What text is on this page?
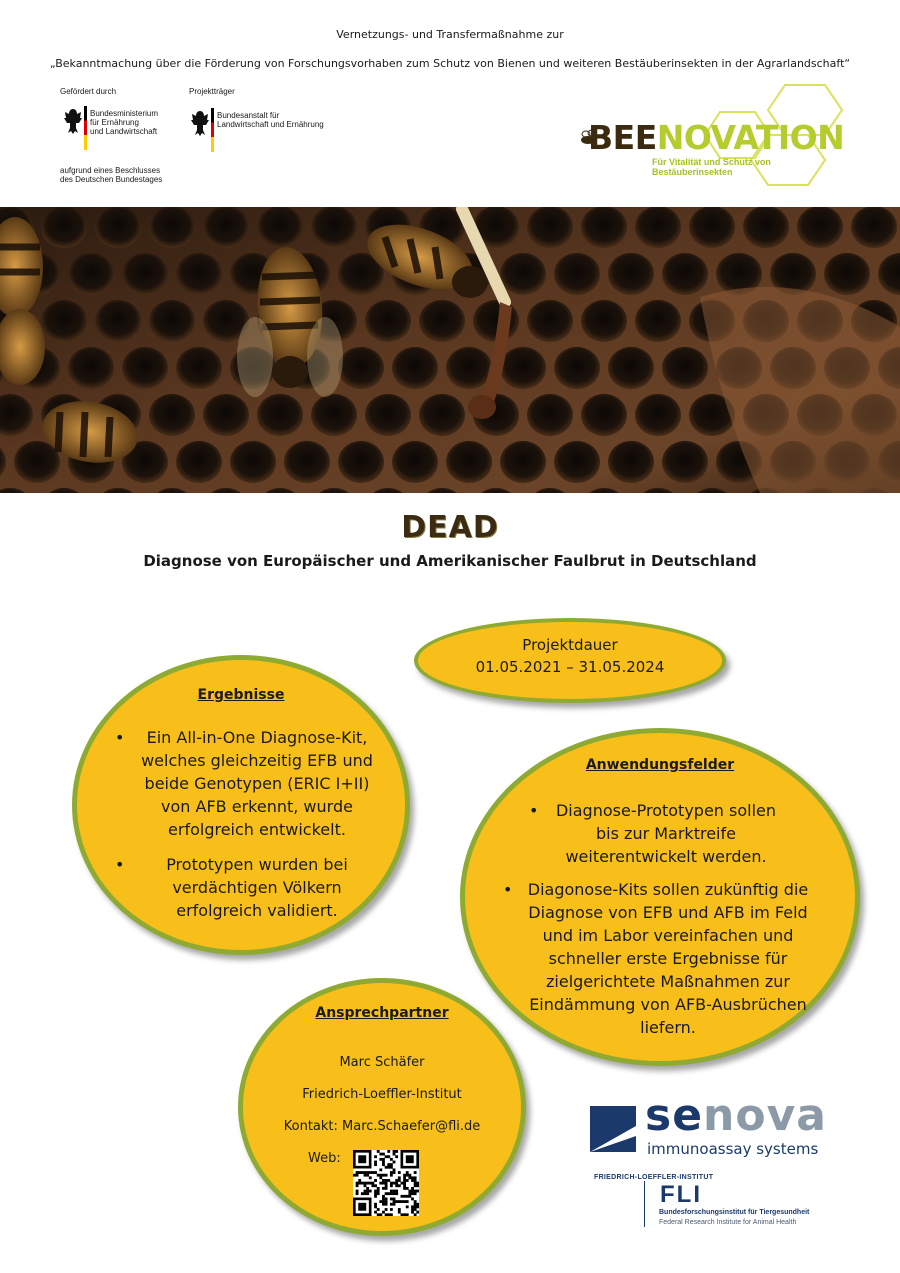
Vernetzungs- und Transfermaßnahme zur
„Bekanntmachung über die Förderung von Forschungsvorhaben zum Schutz von Bienen und weiteren Bestäuberinsekten in der Agrarlandschaft“
Gefördert durch
Bundesministerium
für Ernährung
und Landwirtschaft
aufgrund eines Beschlusses
des Deutschen Bundestages
Projektträger
Bundesanstalt für
Landwirtschaft und Ernährung	BEENOVATION
Für Vitalität und Schutz von Bestäuberinsekten
DEAD
Diagnose von Europäischer und Amerikanischer Faulbrut in Deutschland
Projektdauer
01.05.2021 – 31.05.2024
Ergebnisse
• Ein All-in-One Diagnose-Kit, welches gleichzeitig EFB und beide Genotypen (ERIC I+II) von AFB erkennt, wurde erfolgreich entwickelt.
•	Prototypen wurden bei verdächtigen Völkern erfolgreich validiert.
Anwendungsfelder
• Diagnose-Prototypen sollen bis zur Marktreife weiterentwickelt werden.
• Diagonose-Kits sollen zukünftig die Diagnose von EFB und AFB im Feld und im Labor vereinfachen und schneller erste Ergebnisse für zielgerichtete Maßnahmen zur Eindämmung von AFB-Ausbrüchen liefern.
Ansprechpartner
Marc Schäfer
Friedrich-Loeffler-Institut
Kontakt: Marc.Schaefer@fli.de
Web:
senova
immunoassay systems
FRIEDRICH-LOEFFLER-INSTITUT
FLI
Bundesforschungsinstitut für Tiergesundheit
Federal Research Institute for Animal Health
